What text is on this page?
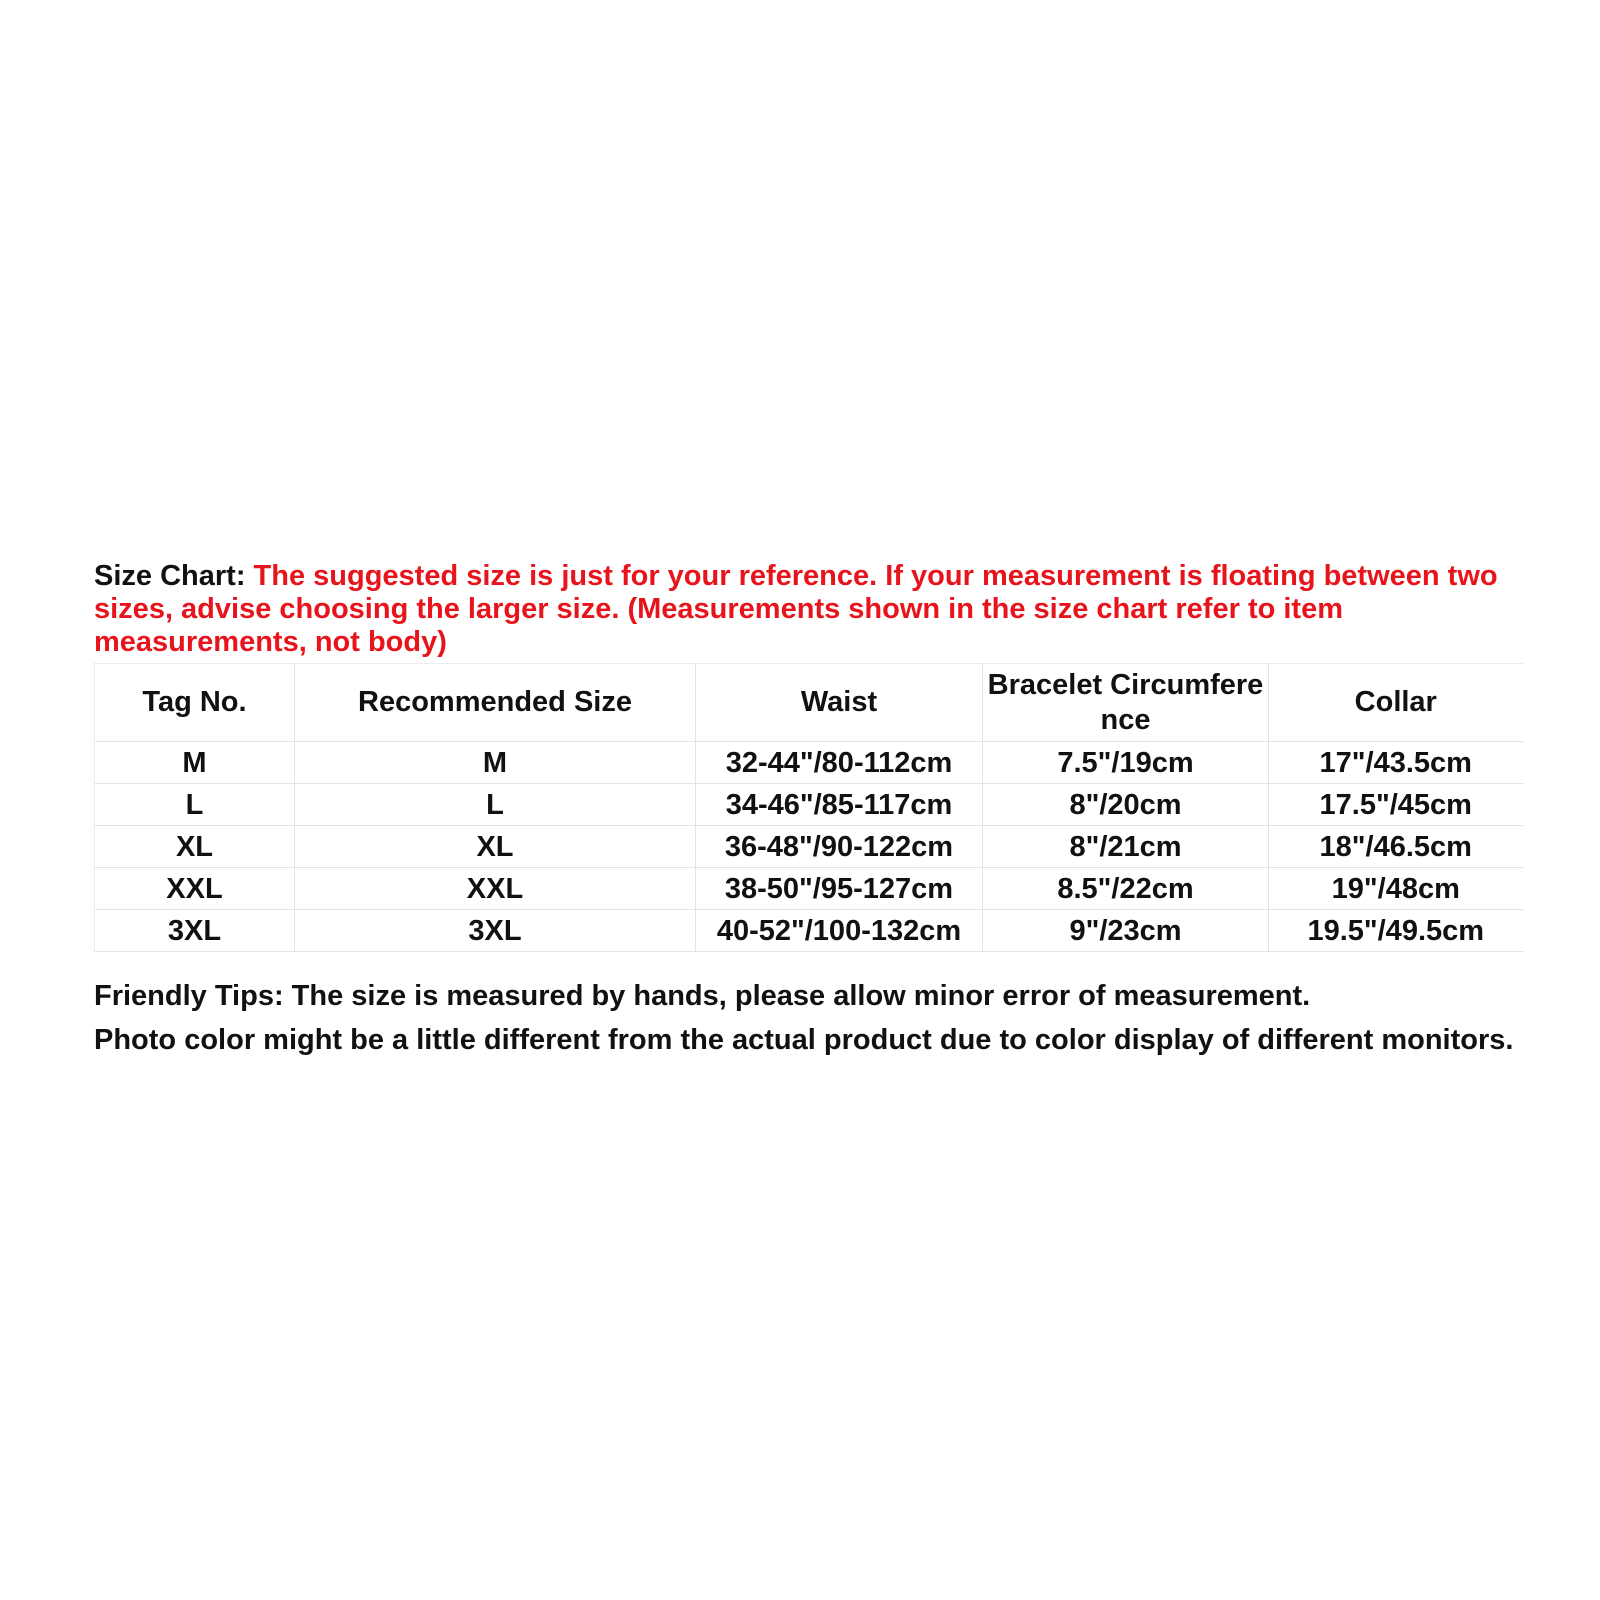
Size Chart: The suggested size is just for your reference. If your measurement is floating between two sizes, advise choosing the larger size. (Measurements shown in the size chart refer to item measurements, not body)
Tag No.	Recommended Size	Waist	Bracelet Circumference	Collar
M	M	32-44"/80-112cm	7.5"/19cm	17"/43.5cm
L	L	34-46"/85-117cm	8"/20cm	17.5"/45cm
XL	XL	36-48"/90-122cm	8"/21cm	18"/46.5cm
XXL	XXL	38-50"/95-127cm	8.5"/22cm	19"/48cm
3XL	3XL	40-52"/100-132cm	9"/23cm	19.5"/49.5cm
Friendly Tips: The size is measured by hands, please allow minor error of measurement.
Photo color might be a little different from the actual product due to color display of different monitors.
